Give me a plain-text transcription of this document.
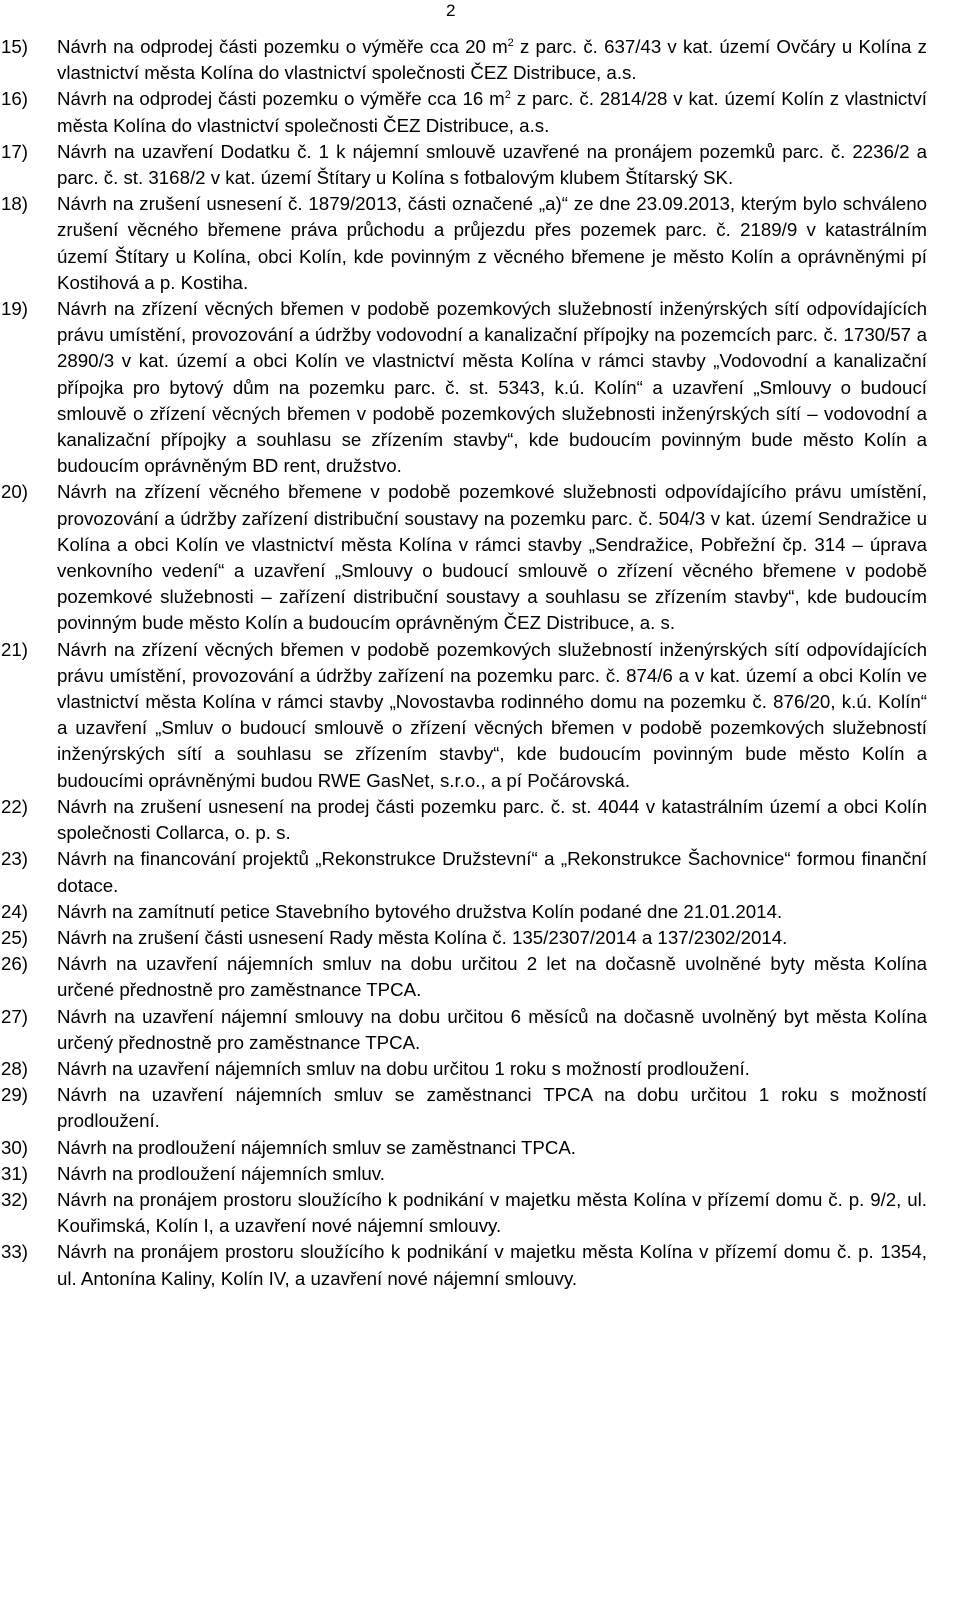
2
15) Návrh na odprodej části pozemku o výměře cca 20 $m^2$ z parc. č. 637/43 v kat. území Ovčáry u Kolína z vlastnictví města Kolína do vlastnictví společnosti ČEZ Distribuce, a.s.
16) Návrh na odprodej části pozemku o výměře cca 16 $m^2$ z parc. č. 2814/28 v kat. území Kolín z vlastnictví města Kolína do vlastnictví společnosti ČEZ Distribuce, a.s.
17) Návrh na uzavření Dodatku č. 1 k nájemní smlouvě uzavřené na pronájem pozemků parc. č. 2236/2 a parc. č. st. 3168/2 v kat. území Štítary u Kolína s fotbalovým klubem Štítarský SK.
18) Návrh na zrušení usnesení č. 1879/2013, části označené „a)“ ze dne 23.09.2013, kterým bylo schváleno zrušení věcného břemene práva průchodu a průjezdu přes pozemek parc. č. 2189/9 v katastrálním území Štítary u Kolína, obci Kolín, kde povinným z věcného břemene je město Kolín a oprávněnými pí Kostihová a p. Kostiha.
19) Návrh na zřízení věcných břemen v podobě pozemkových služebností inženýrských sítí odpovídajících právu umístění, provozování a údržby vodovodní a kanalizační přípojky na pozemcích parc. č. 1730/57 a 2890/3 v kat. území a obci Kolín ve vlastnictví města Kolína v rámci stavby „Vodovodní a kanalizační přípojka pro bytový dům na pozemku parc. č. st. 5343, k.ú. Kolín“ a uzavření „Smlouvy o budoucí smlouvě o zřízení věcných břemen v podobě pozemkových služebnosti inženýrských sítí – vodovodní a kanalizační přípojky a souhlasu se zřízením stavby“, kde budoucím povinným bude město Kolín a budoucím oprávněným BD rent, družstvo.
20) Návrh na zřízení věcného břemene v podobě pozemkové služebnosti odpovídajícího právu umístění, provozování a údržby zařízení distribuční soustavy na pozemku parc. č. 504/3 v kat. území Sendražice u Kolína a obci Kolín ve vlastnictví města Kolína v rámci stavby „Sendražice, Pobřežní čp. 314 – úprava venkovního vedení“ a uzavření „Smlouvy o budoucí smlouvě o zřízení věcného břemene v podobě pozemkové služebnosti – zařízení distribuční soustavy a souhlasu se zřízením stavby“, kde budoucím povinným bude město Kolín a budoucím oprávněným ČEZ Distribuce, a. s.
21) Návrh na zřízení věcných břemen v podobě pozemkových služebností inženýrských sítí odpovídajících právu umístění, provozování a údržby zařízení na pozemku parc. č. 874/6 a v kat. území a obci Kolín ve vlastnictví města Kolína v rámci stavby „Novostavba rodinného domu na pozemku č. 876/20, k.ú. Kolín“ a uzavření „Smluv o budoucí smlouvě o zřízení věcných břemen v podobě pozemkových služebností inženýrských sítí a souhlasu se zřízením stavby“, kde budoucím povinným bude město Kolín a budoucími oprávněnými budou RWE GasNet, s.r.o., a pí Počárovská.
22) Návrh na zrušení usnesení na prodej části pozemku parc. č. st. 4044 v katastrálním území a obci Kolín společnosti Collarca, o. p. s.
23) Návrh na financování projektů „Rekonstrukce Družstevní“ a „Rekonstrukce Šachovnice“ formou finanční dotace.
24) Návrh na zamítnutí petice Stavebního bytového družstva Kolín podané dne 21.01.2014.
25) Návrh na zrušení části usnesení Rady města Kolína č. 135/2307/2014 a 137/2302/2014.
26) Návrh na uzavření nájemních smluv na dobu určitou 2 let na dočasně uvolněné byty města Kolína určené přednostně pro zaměstnance TPCA.
27) Návrh na uzavření nájemní smlouvy na dobu určitou 6 měsíců na dočasně uvolněný byt města Kolína určený přednostně pro zaměstnance TPCA.
28) Návrh na uzavření nájemních smluv na dobu určitou 1 roku s možností prodloužení.
29) Návrh na uzavření nájemních smluv se zaměstnanci TPCA na dobu určitou 1 roku s možností prodloužení.
30) Návrh na prodloužení nájemních smluv se zaměstnanci TPCA.
31) Návrh na prodloužení nájemních smluv.
32) Návrh na pronájem prostoru sloužícího k podnikání v majetku města Kolína v přízemí domu č. p. 9/2, ul. Kouřimská, Kolín I, a uzavření nové nájemní smlouvy.
33) Návrh na pronájem prostoru sloužícího k podnikání v majetku města Kolína v přízemí domu č. p. 1354, ul. Antonína Kaliny, Kolín IV, a uzavření nové nájemní smlouvy.
